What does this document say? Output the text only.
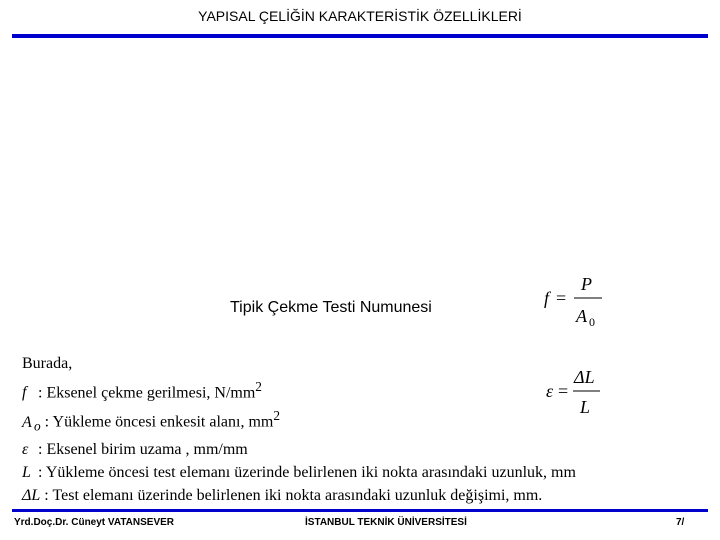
YAPISAL ÇELİĞİN KARAKTERİSTİK ÖZELLİKLERİ
Tipik Çekme Testi Numunesi	f =
P
A 0
ε =
ΔL
L
Burada,
f : Eksenel çekme gerilmesi, $N/mm^2$
A $_o$ : Yükleme öncesi enkesit alanı, $mm^2$
ε : Eksenel birim uzama , mm/mm
L : Yükleme öncesi test elemanı üzerinde belirlenen iki nokta arasındaki uzunluk, mm
ΔL : Test elemanı üzerinde belirlenen iki nokta arasındaki uzunluk değişimi, mm.
Yrd.Doç.Dr. Cüneyt VATANSEVER	İSTANBUL TEKNİK ÜNİVERSİTESİ	7/
